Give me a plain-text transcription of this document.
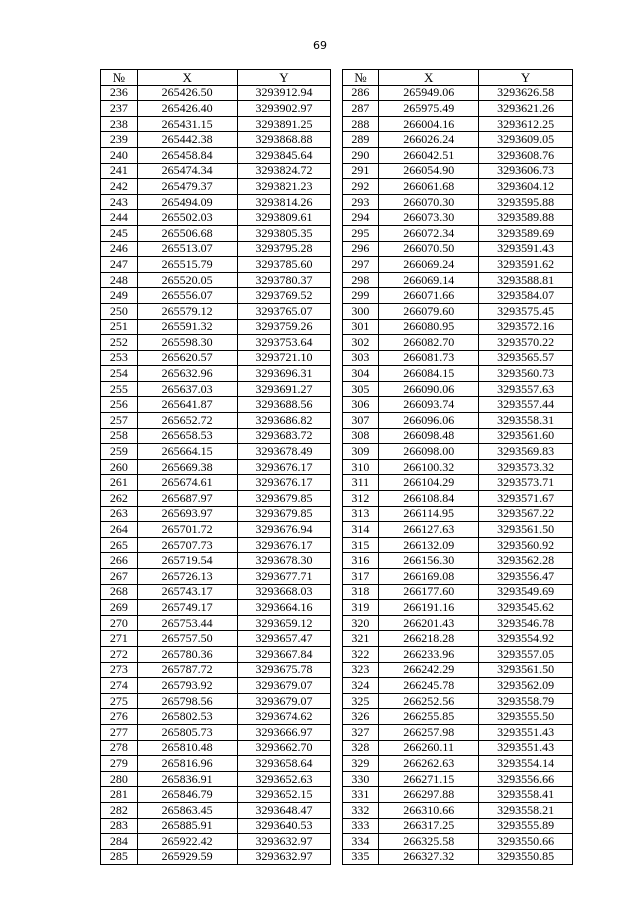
69
№	X	Y		№	X	Y
236	265426.50	3293912.94		286	265949.06	3293626.58
237	265426.40	3293902.97		287	265975.49	3293621.26
238	265431.15	3293891.25		288	266004.16	3293612.25
239	265442.38	3293868.88		289	266026.24	3293609.05
240	265458.84	3293845.64		290	266042.51	3293608.76
241	265474.34	3293824.72		291	266054.90	3293606.73
242	265479.37	3293821.23		292	266061.68	3293604.12
243	265494.09	3293814.26		293	266070.30	3293595.88
244	265502.03	3293809.61		294	266073.30	3293589.88
245	265506.68	3293805.35		295	266072.34	3293589.69
246	265513.07	3293795.28		296	266070.50	3293591.43
247	265515.79	3293785.60		297	266069.24	3293591.62
248	265520.05	3293780.37		298	266069.14	3293588.81
249	265556.07	3293769.52		299	266071.66	3293584.07
250	265579.12	3293765.07		300	266079.60	3293575.45
251	265591.32	3293759.26		301	266080.95	3293572.16
252	265598.30	3293753.64		302	266082.70	3293570.22
253	265620.57	3293721.10		303	266081.73	3293565.57
254	265632.96	3293696.31		304	266084.15	3293560.73
255	265637.03	3293691.27		305	266090.06	3293557.63
256	265641.87	3293688.56		306	266093.74	3293557.44
257	265652.72	3293686.82		307	266096.06	3293558.31
258	265658.53	3293683.72		308	266098.48	3293561.60
259	265664.15	3293678.49		309	266098.00	3293569.83
260	265669.38	3293676.17		310	266100.32	3293573.32
261	265674.61	3293676.17		311	266104.29	3293573.71
262	265687.97	3293679.85		312	266108.84	3293571.67
263	265693.97	3293679.85		313	266114.95	3293567.22
264	265701.72	3293676.94		314	266127.63	3293561.50
265	265707.73	3293676.17		315	266132.09	3293560.92
266	265719.54	3293678.30		316	266156.30	3293562.28
267	265726.13	3293677.71		317	266169.08	3293556.47
268	265743.17	3293668.03		318	266177.60	3293549.69
269	265749.17	3293664.16		319	266191.16	3293545.62
270	265753.44	3293659.12		320	266201.43	3293546.78
271	265757.50	3293657.47		321	266218.28	3293554.92
272	265780.36	3293667.84		322	266233.96	3293557.05
273	265787.72	3293675.78		323	266242.29	3293561.50
274	265793.92	3293679.07		324	266245.78	3293562.09
275	265798.56	3293679.07		325	266252.56	3293558.79
276	265802.53	3293674.62		326	266255.85	3293555.50
277	265805.73	3293666.97		327	266257.98	3293551.43
278	265810.48	3293662.70		328	266260.11	3293551.43
279	265816.96	3293658.64		329	266262.63	3293554.14
280	265836.91	3293652.63		330	266271.15	3293556.66
281	265846.79	3293652.15		331	266297.88	3293558.41
282	265863.45	3293648.47		332	266310.66	3293558.21
283	265885.91	3293640.53		333	266317.25	3293555.89
284	265922.42	3293632.97		334	266325.58	3293550.66
285	265929.59	3293632.97		335	266327.32	3293550.85
